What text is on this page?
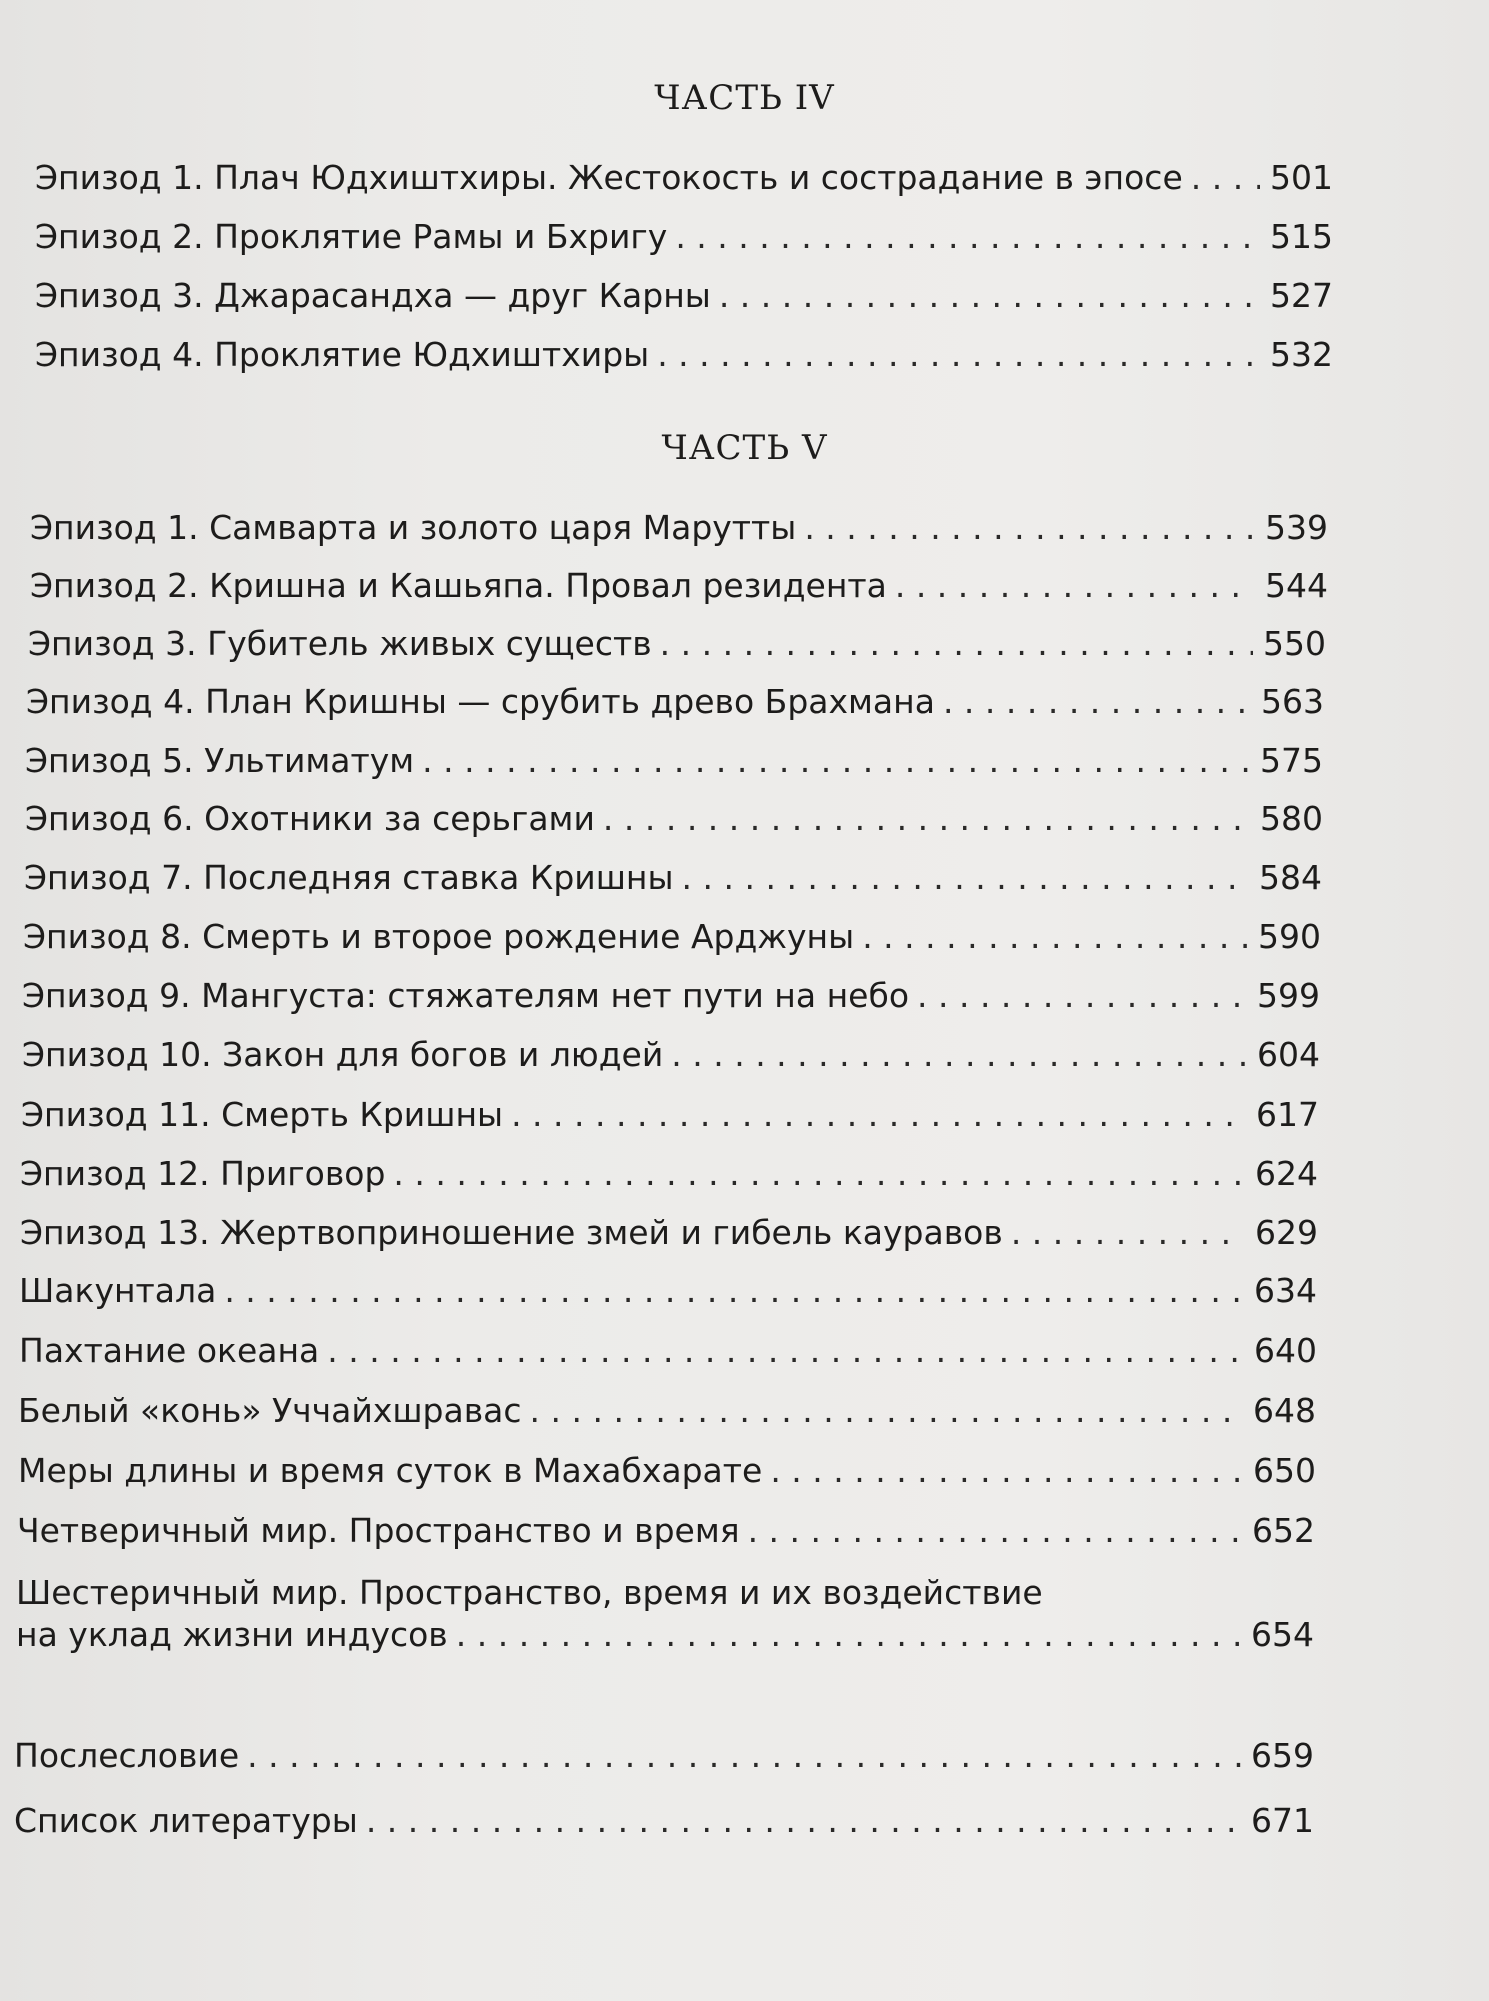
ЧАСТЬ IV
Эпизод 1. Плач Юдхиштхиры. Жестокость и сострадание в эпосе . . .	501
Эпизод 2. Проклятие Рамы и Бхригу . . .	515
Эпизод 3. Джарасандха — друг Карны . . .	527
Эпизод 4. Проклятие Юдхиштхиры . . .	532
ЧАСТЬ V
Эпизод 1. Самварта и золото царя Марутты . . .	539
Эпизод 2. Кришна и Кашьяпа. Провал резидента . . .	544
Эпизод 3. Губитель живых существ . . .	550
Эпизод 4. План Кришны — срубить древо Брахмана . . .	563
Эпизод 5. Ультиматум . . .	575
Эпизод 6. Охотники за серьгами . . .	580
Эпизод 7. Последняя ставка Кришны . . .	584
Эпизод 8. Смерть и второе рождение Арджуны . . .	590
Эпизод 9. Мангуста: стяжателям нет пути на небо . . .	599
Эпизод 10. Закон для богов и людей . . .	604
Эпизод 11. Смерть Кришны . . .	617
Эпизод 12. Приговор . . .	624
Эпизод 13. Жертвоприношение змей и гибель кауравов . . .	629
Шакунтала . . .	634
Пахтание океана . . .	640
Белый «конь» Уччайхшравас . . .	648
Меры длины и время суток в Махабхарате . . .	650
Четверичный мир. Пространство и время . . .	652
Шестеричный мир. Пространство, время и их воздействие
на уклад жизни индусов . . .	654
Послесловие . . .	659
Список литературы . . .	671
